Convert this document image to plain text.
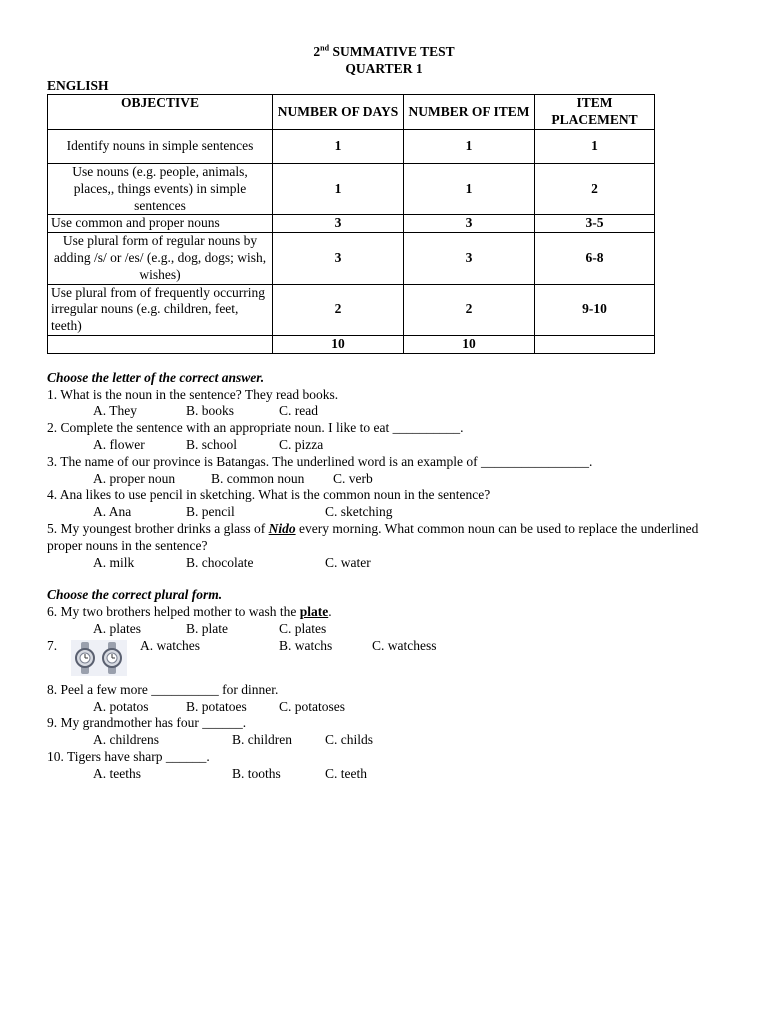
2nd SUMMATIVE TEST
QUARTER 1
ENGLISH
OBJECTIVE	NUMBER OF DAYS	NUMBER OF ITEM	ITEM PLACEMENT
Identify nouns in simple sentences	1	1	1
Use nouns (e.g. people, animals, places,, things events) in simple sentences	1	1	2
Use common and proper nouns	3	3	3-5
Use plural form of regular nouns by adding /s/ or /es/ (e.g., dog, dogs; wish, wishes)	3	3	6-8
Use plural from of frequently occurring irregular nouns (e.g. children, feet, teeth)	2	2	9-10
	10	10	
Choose the letter of the correct answer.
1. What is the noun in the sentence? They read books.
A. They	B. books	C. read
2. Complete the sentence with an appropriate noun. I like to eat __________.
A. flower	B. school	C. pizza
3. The name of our province is Batangas. The underlined word is an example of ________________.
A. proper noun	B. common noun C. verb
4. Ana likes to use pencil in sketching. What is the common noun in the sentence?
A. Ana	B. pencil	C. sketching
5. My youngest brother drinks a glass of Nido every morning. What common noun can be used to replace the underlined proper nouns in the sentence?
A. milk	B. chocolate	C. water
Choose the correct plural form.
6. My two brothers helped mother to wash the plate.
A. plates	B. plate	C. plates
7.	A. watches	B. watchs	C. watchess
8. Peel a few more __________ for dinner.
A. potatos	B. potatoes C. potatoses
9. My grandmother has four ______.
A. childrens	B. children C. childs
10. Tigers have sharp ______.
A. teeths	B. tooths	C. teeth
